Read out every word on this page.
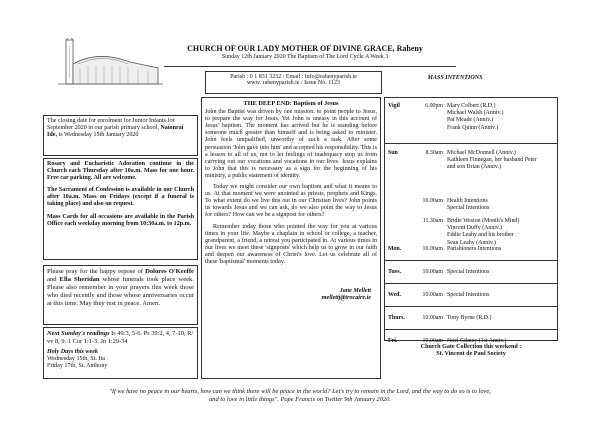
CHURCH OF OUR LADY MOTHER OF DIVINE GRACE, Raheny
Sunday 12th January 2020 The Baptism of The Lord Cycle A Week 3
Parish : 0 1 831 3232 / Email : info@rahenyparish.ie
www. rahenyparish.ie / Issue No. 1123
The closing date for enrolment for Junior Infants for September 2020 in our parish primary school, Naíonraí Ide, is Wednesday 15th January 2020
Rosary and Eucharistic Adoration continue in the Church each Thursday after 10a.m. Mass for one hour. Free car parking. All are welcome.
The Sacrament of Confession is available in our Church after 10a.m. Mass on Fridays (except if a funeral is taking place) and also on request.
Mass Cards for all occasions are available in the Parish Office each weekday morning from 10:30a.m. to 12p.m.
Please pray for the happy repose of Dolores O'Keeffe and Ella Sheridan whose funerals took place week. Please also remember in your prayers this week those who died recently and those whose anniversaries occur at this time. May they rest in peace. Amen.
Next Sunday's readings Is 49:3, 5-6. Ps 39:2, 4, 7-10, R/ vv 8, 9. 1 Cor 1:1-3. Jn 1:29-34
Holy Days this week
Wednesday 15th, St. Ita
Friday 17th, St. Anthony
THE DEEP END: Baptism of Jesus
John the Baptist was driven by one mission: to point people to Jesus, to prepare the way for Jesus. Yet John is uneasy in this account of Jesus' baptism. The moment has arrived but he is standing before someone much greater than himself and is being asked to minister. John feels unqualified, unworthy of such a task. After some persuasion 'John gave into him' and accepted his responsibility. This is a lesson to all of us, not to let feelings of inadequacy stop us from carrying out our vocations and vocations in our lives. Jesus explains to John that this is necessary as a sign for the beginning of his ministry, a public statement of identity.
Today we might consider our own baptism and what it means to us. At that moment we were anointed as priests, prophets and Kings. To what extent do we live this out in our Christian lives? John points us towards Jesus and we can ask, do we also point the way to Jesus for others? How can we be a signpost for others?
Remember today those who pointed the way for you at various times in your life. Maybe a chaplain in school or college, a teacher, grandparent, a friend, a retreat you participated in. At various times in our lives we meet these 'signposts' which help us to grow in our faith and deepen our awareness of Christ's love. Let us celebrate all of these 'baptismal' moments today.
Jane Mellett
mellettj@trocaire.ie
MASS INTENTIONS
Vigil	6.00pm Mary Colbert (R.D.)
Michael Walsh (Anniv.)
Pat Meade (Anniv.)
Frank Quinn (Anniv.)
Sun	8.30am Michael McDonnell (Anniv.)
Kathleen Finnegan, her husband Peter
and son Brian (Anniv.)
10.00am Health Intentions
Special Intentions
11.30am Bridie Weston (Month's Mind)
Vincent Duffy (Anniv.)
Eddie Leahy and his brother
Sean Leahy (Anniv.)
Mon.	10.00am Parishioners Intentions
Tues.	10.00am Special Intentions
Wed.	10.00am Special Intentions
Thurs.	10.00am Tony Byrne (R.D.)
Fri.	10.00am Noel Gibney (1st Anniv.)
Church Gate Collection this weekend :
St. Vincent de Paul Society
"If we have no peace in our hearts, how can we think there will be peace in the world? Let's try to remain in the Lord, and the way to do so is to love,
and to love in little things". Pope Francis on Twitter 9th January 2020.
